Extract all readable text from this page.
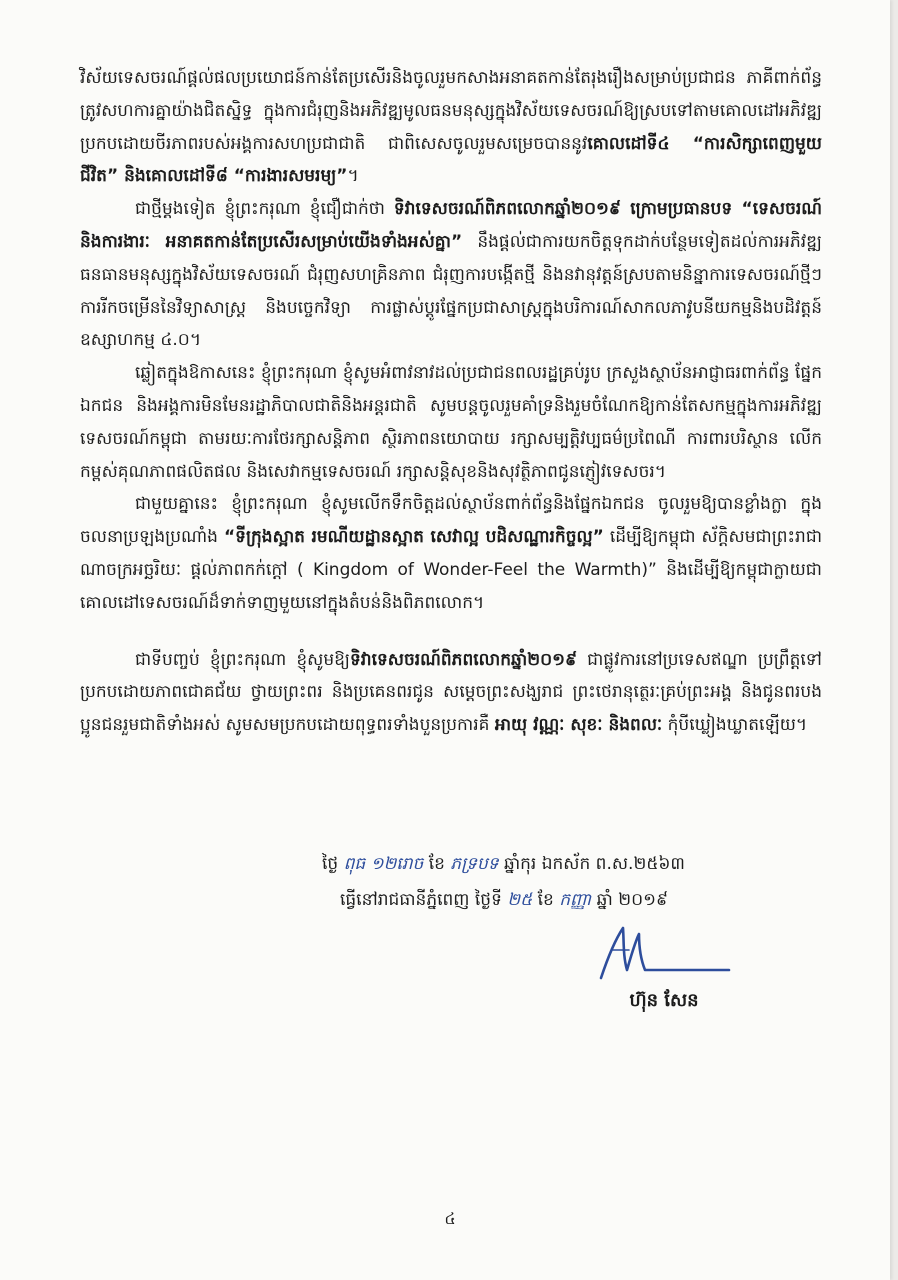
វិស័យទេសចរណ៍ផ្តល់ផលប្រយោជន៍កាន់តែប្រសើរនិងចូលរួមកសាងអនាគតកាន់តែរុងរឿងសម្រាប់ប្រជាជន ភាគីពាក់ព័ន្ធត្រូវសហការគ្នាយ៉ាងជិតស្និទ្ធ ក្នុងការជំរុញនិងអភិវឌ្ឍមូលធនមនុស្សក្នុងវិស័យទេសចរណ៍ឱ្យស្របទៅតាមគោលដៅអភិវឌ្ឍប្រកបដោយចីរភាពរបស់អង្គការសហប្រជាជាតិ ជាពិសេសចូលរួមសម្រេចបាននូវគោលដៅទី៤ “ការសិក្សាពេញមួយជីវិត” និងគោលដៅទី៨ “ការងារសមរម្យ”។

ជាថ្មីម្តងទៀត ខ្ញុំព្រះករុណា ខ្ញុំជឿជាក់ថា ទិវាទេសចរណ៍ពិភពលោកឆ្នាំ២០១៩ ក្រោមប្រធានបទ “ទេសចរណ៍ និងការងារៈ អនាគតកាន់តែប្រសើរសម្រាប់យើងទាំងអស់គ្នា” នឹងផ្តល់ជាការយកចិត្តទុកដាក់បន្ថែមទៀតដល់ការអភិវឌ្ឍធនធានមនុស្សក្នុងវិស័យទេសចរណ៍ ជំរុញសហគ្រិនភាព ជំរុញការបង្កើតថ្មី និងនវានុវត្តន៍ស្របតាមនិន្នាការទេសចរណ៍ថ្មីៗ ការរីកចម្រើននៃវិទ្យាសាស្ត្រ និងបច្ចេកវិទ្យា ការផ្លាស់ប្តូរផ្នែកប្រជាសាស្ត្រក្នុងបរិការណ៍សាកលភាវូបនីយកម្មនិងបដិវត្តន៍ឧស្សាហកម្ម ៤.០។

ឆ្លៀតក្នុងឱកាសនេះ ខ្ញុំព្រះករុណា ខ្ញុំសូមអំពាវនាវដល់ប្រជាជនពលរដ្ឋគ្រប់រូប ក្រសួងស្ថាប័នអាជ្ញាធរពាក់ព័ន្ធ ផ្នែកឯកជន និងអង្គការមិនមែនរដ្ឋាភិបាលជាតិនិងអន្តរជាតិ សូមបន្តចូលរួមគាំទ្រនិងរួមចំណែកឱ្យកាន់តែសកម្មក្នុងការអភិវឌ្ឍទេសចរណ៍កម្ពុជា តាមរយៈការថែរក្សាសន្តិភាព ស្ថិរភាពនយោបាយ រក្សាសម្បត្តិវប្បធម៌ប្រពៃណី ការពារបរិស្ថាន លើកកម្ពស់គុណភាពផលិតផល និងសេវាកម្មទេសចរណ៍ រក្សាសន្តិសុខនិងសុវត្ថិភាពជូនភ្ញៀវទេសចរ។

ជាមួយគ្នានេះ ខ្ញុំព្រះករុណា ខ្ញុំសូមលើកទឹកចិត្តដល់ស្ថាប័នពាក់ព័ន្ធនិងផ្នែកឯកជន ចូលរួមឱ្យបានខ្លាំងក្លា ក្នុងចលនាប្រឡងប្រណាំង “ទីក្រុងស្អាត រមណីយដ្ឋានស្អាត សេវាល្អ បដិសណ្ឋារកិច្ចល្អ” ដើម្បីឱ្យកម្ពុជា ស័ក្តិសមជាព្រះរាជាណាចក្រអច្ឆរិយៈ ផ្តល់ភាពកក់ក្តៅ ( Kingdom of Wonder-Feel the Warmth)” និងដើម្បីឱ្យកម្ពុជាក្លាយជាគោលដៅទេសចរណ៍ដ៏ទាក់ទាញមួយនៅក្នុងតំបន់និងពិភពលោក។

ជាទីបញ្ចប់ ខ្ញុំព្រះករុណា ខ្ញុំសូមឱ្យទិវាទេសចរណ៍ពិភពលោកឆ្នាំ២០១៩ ជាផ្លូវការនៅប្រទេសឥណ្ឌា ប្រព្រឹត្តទៅប្រកបដោយភាពជោគជ័យ ថ្វាយព្រះពរ និងប្រគេនពរជូន សម្តេចព្រះសង្ឃរាជ ព្រះថេរានុត្ថេរៈគ្រប់ព្រះអង្គ និងជូនពរបងប្អូនជនរួមជាតិទាំងអស់ សូមសមប្រកបដោយពុទ្ធពរទាំងបួនប្រការគឺ អាយុ វណ្ណៈ សុខៈ និងពលៈ កុំបីឃ្លៀងឃ្លាតឡើយ។

ថ្ងៃ ពុធ ១២រោច ខែ ភទ្របទ ឆ្នាំកុរ ឯកស័ក ព.ស.២៥៦៣

ធ្វើនៅរាជធានីភ្នំពេញ ថ្ងៃទី ២៥ ខែ កញ្ញា ឆ្នាំ ២០១៩

ហ៊ុន សែន
៤
